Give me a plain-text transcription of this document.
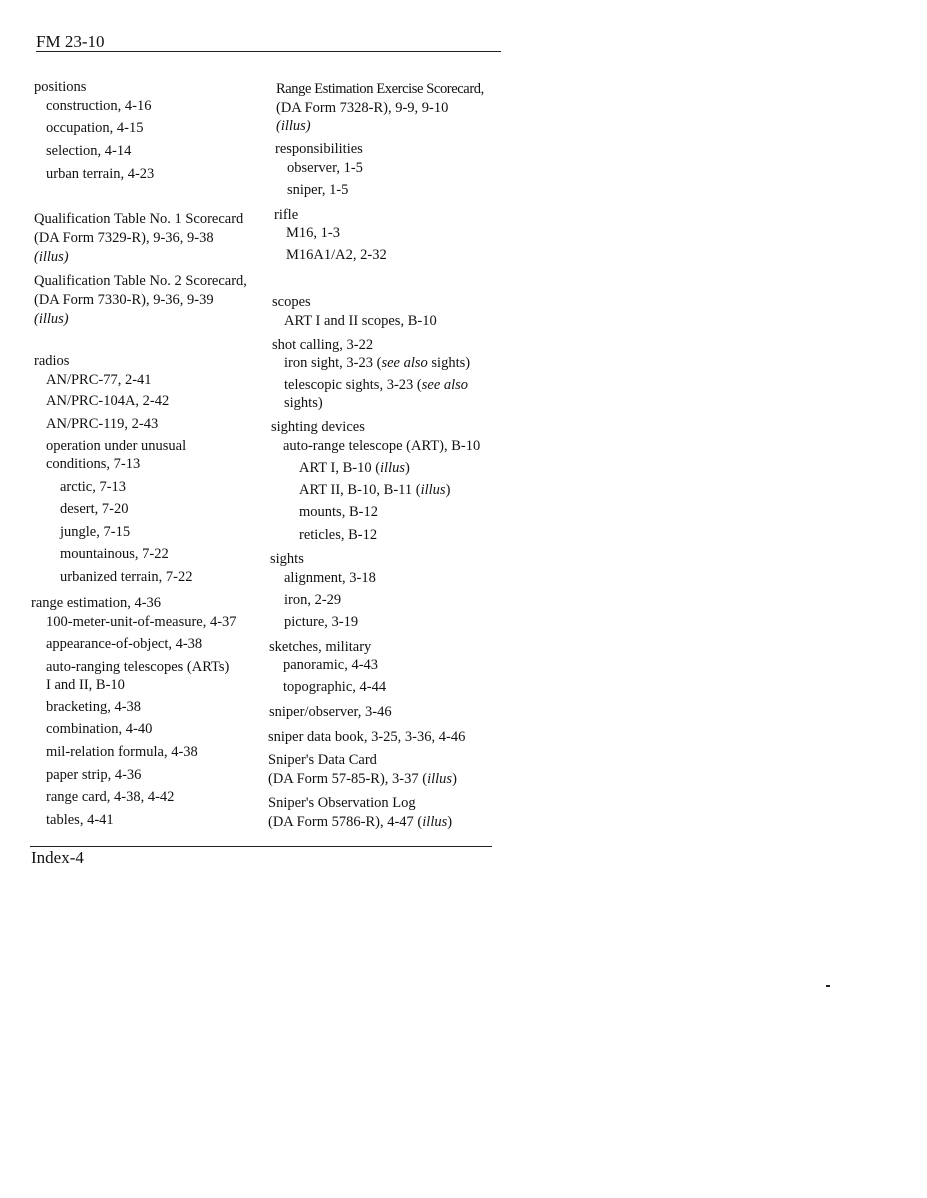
FM 23-10
positions
construction, 4-16
occupation, 4-15
selection, 4-14
urban terrain, 4-23
Qualification Table No. 1 Scorecard
(DA Form 7329-R), 9-36, 9-38
(illus)
Qualification Table No. 2 Scorecard,
(DA Form 7330-R), 9-36, 9-39
(illus)
radios
AN/PRC-77, 2-41
AN/PRC-104A, 2-42
AN/PRC-119, 2-43
operation under unusual
conditions, 7-13
arctic, 7-13
desert, 7-20
jungle, 7-15
mountainous, 7-22
urbanized terrain, 7-22
range estimation, 4-36
100-meter-unit-of-measure, 4-37
appearance-of-object, 4-38
auto-ranging telescopes (ARTs)
I and II, B-10
bracketing, 4-38
combination, 4-40
mil-relation formula, 4-38
paper strip, 4-36
range card, 4-38, 4-42
tables, 4-41
Range Estimation Exercise Scorecard,
(DA Form 7328-R), 9-9, 9-10
(illus)
responsibilities
observer, 1-5
sniper, 1-5
rifle
M16, 1-3
M16A1/A2, 2-32
scopes
ART I and II scopes, B-10
shot calling, 3-22
iron sight, 3-23 (see also sights)
telescopic sights, 3-23 (see also
sights)
sighting devices
auto-range telescope (ART), B-10
ART I, B-10 (illus)
ART II, B-10, B-11 (illus)
mounts, B-12
reticles, B-12
sights
alignment, 3-18
iron, 2-29
picture, 3-19
sketches, military
panoramic, 4-43
topographic, 4-44
sniper/observer, 3-46
sniper data book, 3-25, 3-36, 4-46
Sniper's Data Card
(DA Form 57-85-R), 3-37 (illus)
Sniper's Observation Log
(DA Form 5786-R), 4-47 (illus)
Index-4
